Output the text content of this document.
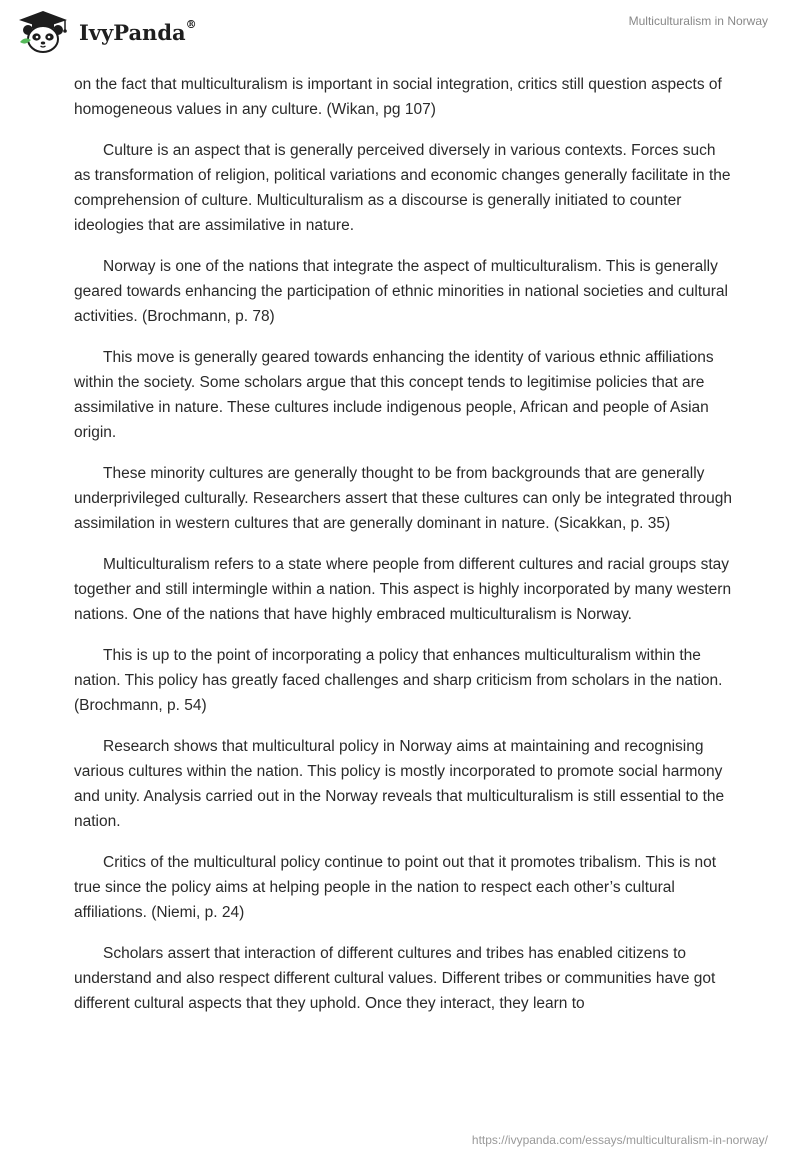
IvyPanda®	Multiculturalism in Norway

on the fact that multiculturalism is important in social integration, critics still question aspects of homogeneous values in any culture. (Wikan, pg 107)

Culture is an aspect that is generally perceived diversely in various contexts. Forces such as transformation of religion, political variations and economic changes generally facilitate in the comprehension of culture. Multiculturalism as a discourse is generally initiated to counter ideologies that are assimilative in nature.

Norway is one of the nations that integrate the aspect of multiculturalism. This is generally geared towards enhancing the participation of ethnic minorities in national societies and cultural activities. (Brochmann, p. 78)

This move is generally geared towards enhancing the identity of various ethnic affiliations within the society. Some scholars argue that this concept tends to legitimise policies that are assimilative in nature. These cultures include indigenous people, African and people of Asian origin.

These minority cultures are generally thought to be from backgrounds that are generally underprivileged culturally. Researchers assert that these cultures can only be integrated through assimilation in western cultures that are generally dominant in nature. (Sicakkan, p. 35)

Multiculturalism refers to a state where people from different cultures and racial groups stay together and still intermingle within a nation. This aspect is highly incorporated by many western nations. One of the nations that have highly embraced multiculturalism is Norway.

This is up to the point of incorporating a policy that enhances multiculturalism within the nation. This policy has greatly faced challenges and sharp criticism from scholars in the nation. (Brochmann, p. 54)

Research shows that multicultural policy in Norway aims at maintaining and recognising various cultures within the nation. This policy is mostly incorporated to promote social harmony and unity. Analysis carried out in the Norway reveals that multiculturalism is still essential to the nation.

Critics of the multicultural policy continue to point out that it promotes tribalism. This is not true since the policy aims at helping people in the nation to respect each other’s cultural affiliations. (Niemi, p. 24)

Scholars assert that interaction of different cultures and tribes has enabled citizens to understand and also respect different cultural values. Different tribes or communities have got different cultural aspects that they uphold. Once they interact, they learn to

https://ivypanda.com/essays/multiculturalism-in-norway/
